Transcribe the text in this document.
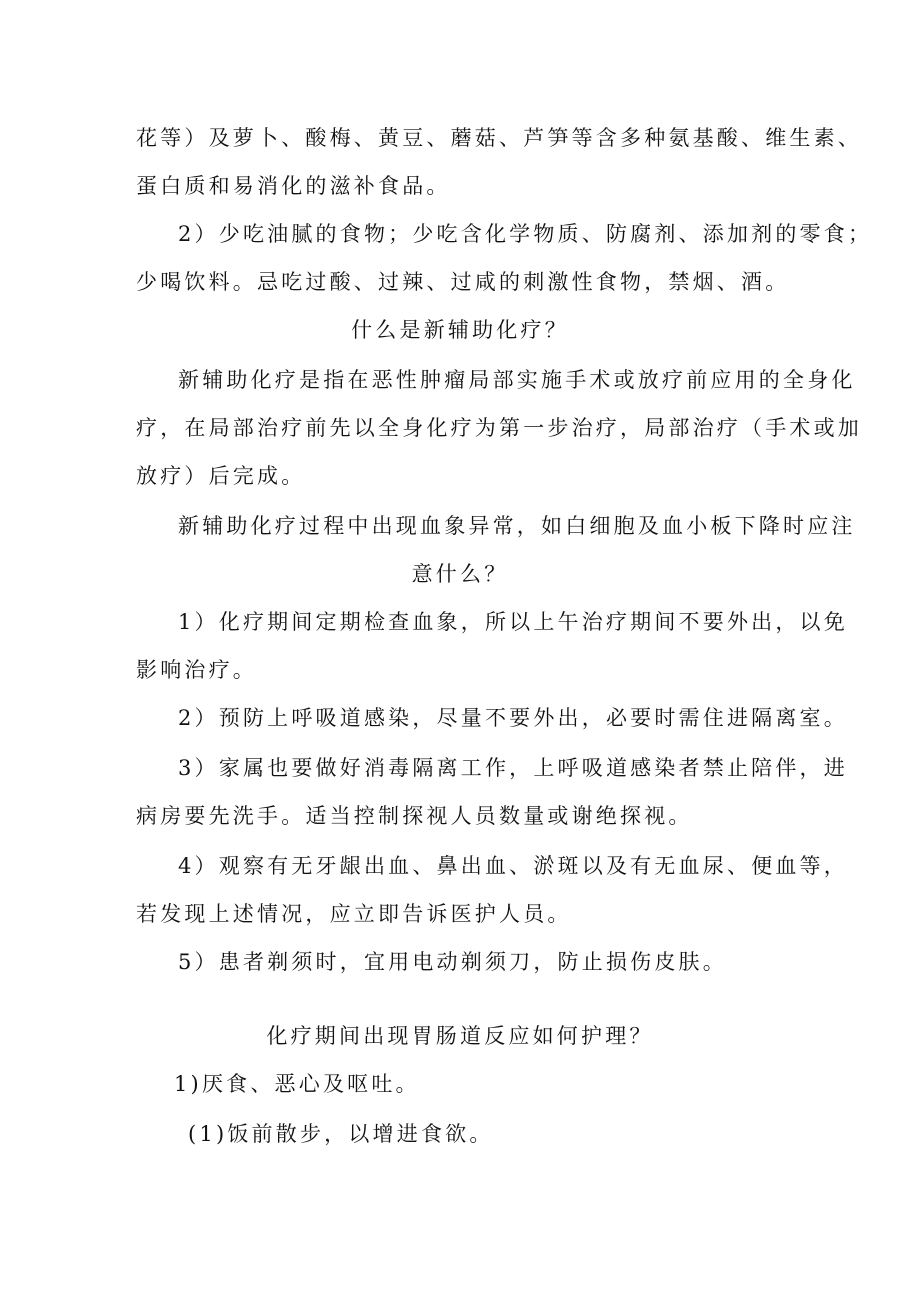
花等）及萝卜、酸梅、黄豆、蘑菇、芦笋等含多种氨基酸、维生素、

蛋白质和易消化的滋补食品。

2）少吃油腻的食物；少吃含化学物质、防腐剂、添加剂的零食；

少喝饮料。忌吃过酸、过辣、过咸的刺激性食物，禁烟、酒。

什么是新辅助化疗？

新辅助化疗是指在恶性肿瘤局部实施手术或放疗前应用的全身化

疗，在局部治疗前先以全身化疗为第一步治疗，局部治疗（手术或加

放疗）后完成。

新辅助化疗过程中出现血象异常，如白细胞及血小板下降时应注

意什么？

1）化疗期间定期检查血象，所以上午治疗期间不要外出，以免

影响治疗。

2）预防上呼吸道感染，尽量不要外出，必要时需住进隔离室。

3）家属也要做好消毒隔离工作，上呼吸道感染者禁止陪伴，进

病房要先洗手。适当控制探视人员数量或谢绝探视。

4）观察有无牙龈出血、鼻出血、淤斑以及有无血尿、便血等，

若发现上述情况，应立即告诉医护人员。

5）患者剃须时，宜用电动剃须刀，防止损伤皮肤。

化疗期间出现胃肠道反应如何护理？

1)厌食、恶心及呕吐。

(1)饭前散步，以增进食欲。
